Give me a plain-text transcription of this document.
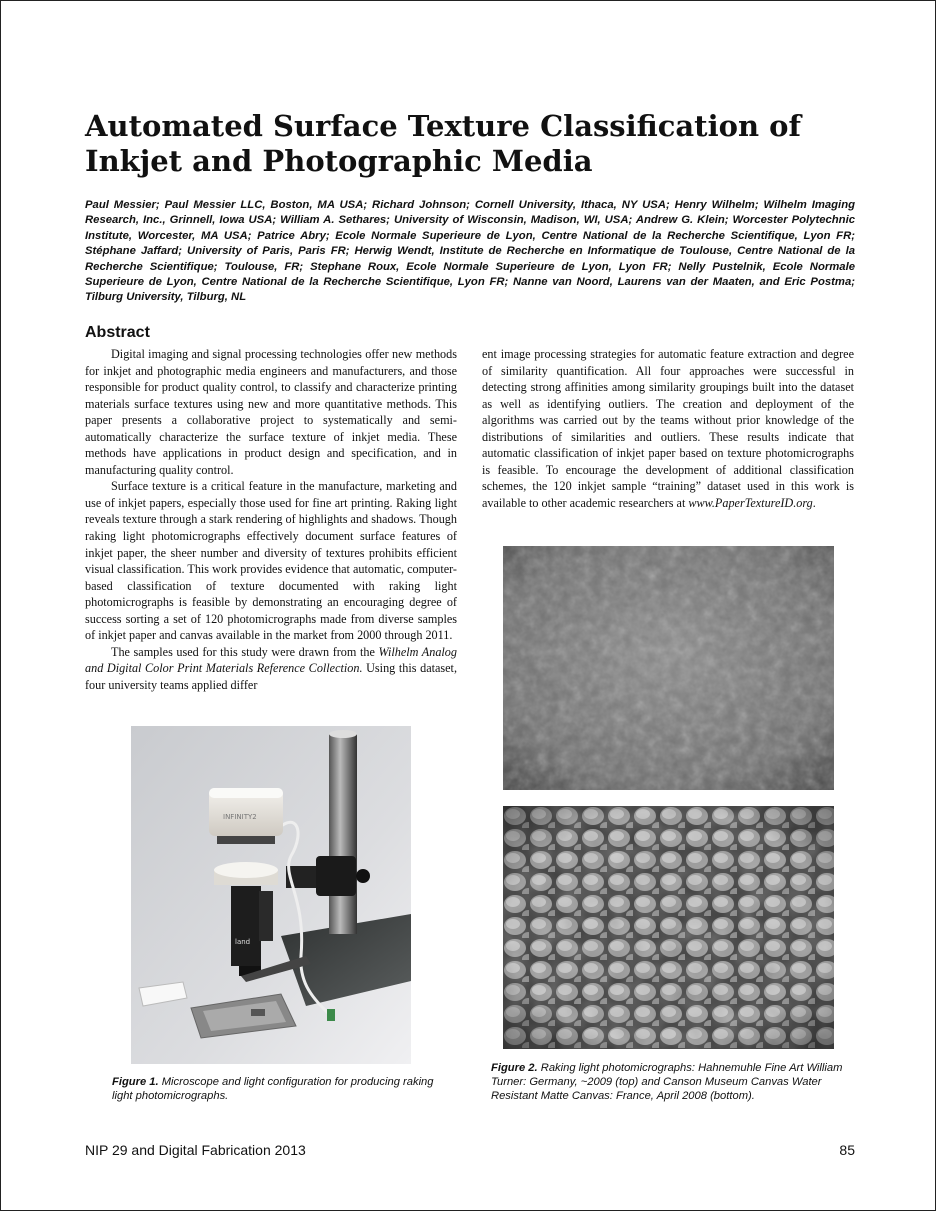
Automated Surface Texture Classification of
Inkjet and Photographic Media

Paul Messier; Paul Messier LLC, Boston, MA USA; Richard Johnson; Cornell University, Ithaca, NY USA; Henry Wilhelm; Wilhelm Imaging Research, Inc., Grinnell, Iowa USA; William A. Sethares; University of Wisconsin, Madison, WI, USA; Andrew G. Klein; Worcester Polytechnic Institute, Worcester, MA USA; Patrice Abry; Ecole Normale Superieure de Lyon, Centre National de la Recherche Scientifique, Lyon FR; Stéphane Jaffard; University of Paris, Paris FR; Herwig Wendt, Institute de Recherche en Informatique de Toulouse, Centre National de la Recherche Scientifique; Toulouse, FR; Stephane Roux, Ecole Normale Superieure de Lyon, Lyon FR; Nelly Pustelnik, Ecole Normale Superieure de Lyon, Centre National de la Recherche Scientifique, Lyon FR; Nanne van Noord, Laurens van der Maaten, and Eric Postma; Tilburg University, Tilburg, NL

Abstract

Digital imaging and signal processing technologies offer new methods for inkjet and photographic media engineers and manufacturers, and those responsible for product quality control, to classify and characterize printing materials surface textures using new and more quantitative methods. This paper presents a collaborative project to systematically and semi-automatically characterize the surface texture of inkjet media. These methods have applications in product design and specification, and in manufacturing quality control.

Surface texture is a critical feature in the manufacture, marketing and use of inkjet papers, especially those used for fine art printing. Raking light reveals texture through a stark rendering of highlights and shadows. Though raking light photomicrographs effectively document surface features of inkjet paper, the sheer number and diversity of textures prohibits efficient visual classification. This work provides evidence that automatic, computer-based classification of texture documented with raking light photomicrographs is feasible by demonstrating an encouraging degree of success sorting a set of 120 photomicrographs made from diverse samples of inkjet paper and canvas available in the market from 2000 through 2011.

The samples used for this study were drawn from the Wilhelm Analog and Digital Color Print Materials Reference Collection. Using this dataset, four university teams applied differ

ent image processing strategies for automatic feature extraction and degree of similarity quantification. All four approaches were successful in detecting strong affinities among similarity groupings built into the dataset as well as identifying outliers. The creation and deployment of the algorithms was carried out by the teams without prior knowledge of the distributions of similarities and outliers. These results indicate that automatic classification of inkjet paper based on texture photomicrographs is feasible. To encourage the development of additional classification schemes, the 120 inkjet sample “training” dataset used in this work is available to other academic researchers at www.PaperTextureID.org.

INFINITY2
land

Figure 1. Microscope and light configuration for producing raking light photomicrographs.

Figure 2. Raking light photomicrographs: Hahnemuhle Fine Art William Turner: Germany, ~2009 (top) and Canson Museum Canvas Water Resistant Matte Canvas: France, April 2008 (bottom).

NIP 29 and Digital Fabrication 2013	85
